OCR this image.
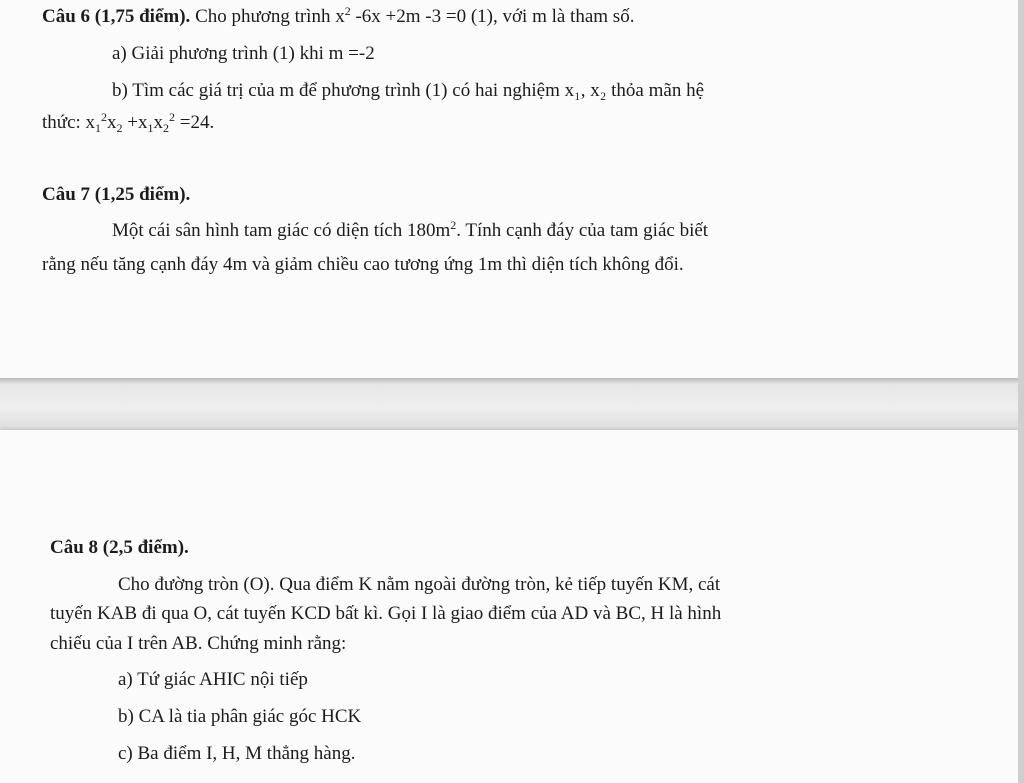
Câu 6 (1,75 điểm). Cho phương trình $x^2$ -6x +2m -3 =0 (1), với m là tham số.
a) Giải phương trình (1) khi m =-2
b) Tìm các giá trị của m để phương trình (1) có hai nghiệm x₁, x₂ thỏa mãn hệ
thức: $x_1^2x_2 +x_1x_2^2 =24$.
Câu 7 (1,25 điểm).
Một cái sân hình tam giác có diện tích $180m^2$. Tính cạnh đáy của tam giác biết
rằng nếu tăng cạnh đáy 4m và giảm chiều cao tương ứng 1m thì diện tích không đổi.
Câu 8 (2,5 điểm).
Cho đường tròn (O). Qua điểm K nằm ngoài đường tròn, kẻ tiếp tuyến KM, cát
tuyến KAB đi qua O, cát tuyến KCD bất kì. Gọi I là giao điểm của AD và BC, H là hình
chiếu của I trên AB. Chứng minh rằng:
a) Tứ giác AHIC nội tiếp
b) CA là tia phân giác góc HCK
c) Ba điểm I, H, M thẳng hàng.
